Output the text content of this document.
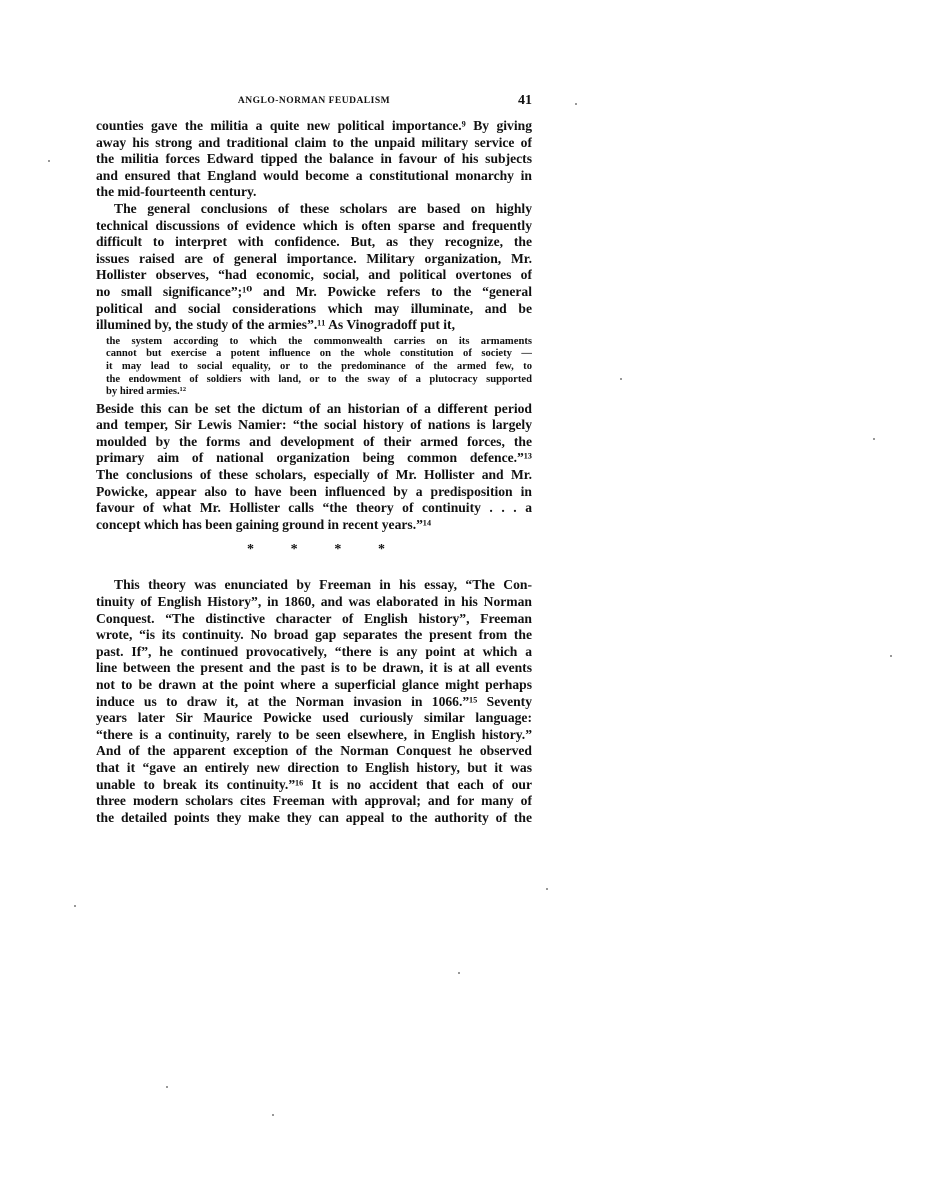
ANGLO-NORMAN FEUDALISM	41
counties gave the militia a quite new political importance.⁹ By giving
away his strong and traditional claim to the unpaid military service of
the militia forces Edward tipped the balance in favour of his subjects
and ensured that England would become a constitutional monarchy in
the mid-fourteenth century.
The general conclusions of these scholars are based on highly
technical discussions of evidence which is often sparse and frequently
difficult to interpret with confidence. But, as they recognize, the
issues raised are of general importance. Military organization, Mr.
Hollister observes, “had economic, social, and political overtones of
no small significance”;¹⁰ and Mr. Powicke refers to the “general
political and social considerations which may illuminate, and be
illumined by, the study of the armies”.¹¹ As Vinogradoff put it,
the system according to which the commonwealth carries on its armaments
cannot but exercise a potent influence on the whole constitution of society —
it may lead to social equality, or to the predominance of the armed few, to
the endowment of soldiers with land, or to the sway of a plutocracy supported
by hired armies.¹²
Beside this can be set the dictum of an historian of a different period
and temper, Sir Lewis Namier: “the social history of nations is largely
moulded by the forms and development of their armed forces, the
primary aim of national organization being common defence.”¹³
The conclusions of these scholars, especially of Mr. Hollister and Mr.
Powicke, appear also to have been influenced by a predisposition in
favour of what Mr. Hollister calls “the theory of continuity . . . a
concept which has been gaining ground in recent years.”¹⁴
*	*	*	*
This theory was enunciated by Freeman in his essay, “The Con-
tinuity of English History”, in 1860, and was elaborated in his Norman
Conquest. “The distinctive character of English history”, Freeman
wrote, “is its continuity. No broad gap separates the present from the
past. If”, he continued provocatively, “there is any point at which a
line between the present and the past is to be drawn, it is at all events
not to be drawn at the point where a superficial glance might perhaps
induce us to draw it, at the Norman invasion in 1066.”¹⁵ Seventy
years later Sir Maurice Powicke used curiously similar language:
“there is a continuity, rarely to be seen elsewhere, in English history.”
And of the apparent exception of the Norman Conquest he observed
that it “gave an entirely new direction to English history, but it was
unable to break its continuity.”¹⁶ It is no accident that each of our
three modern scholars cites Freeman with approval; and for many of
the detailed points they make they can appeal to the authority of the
